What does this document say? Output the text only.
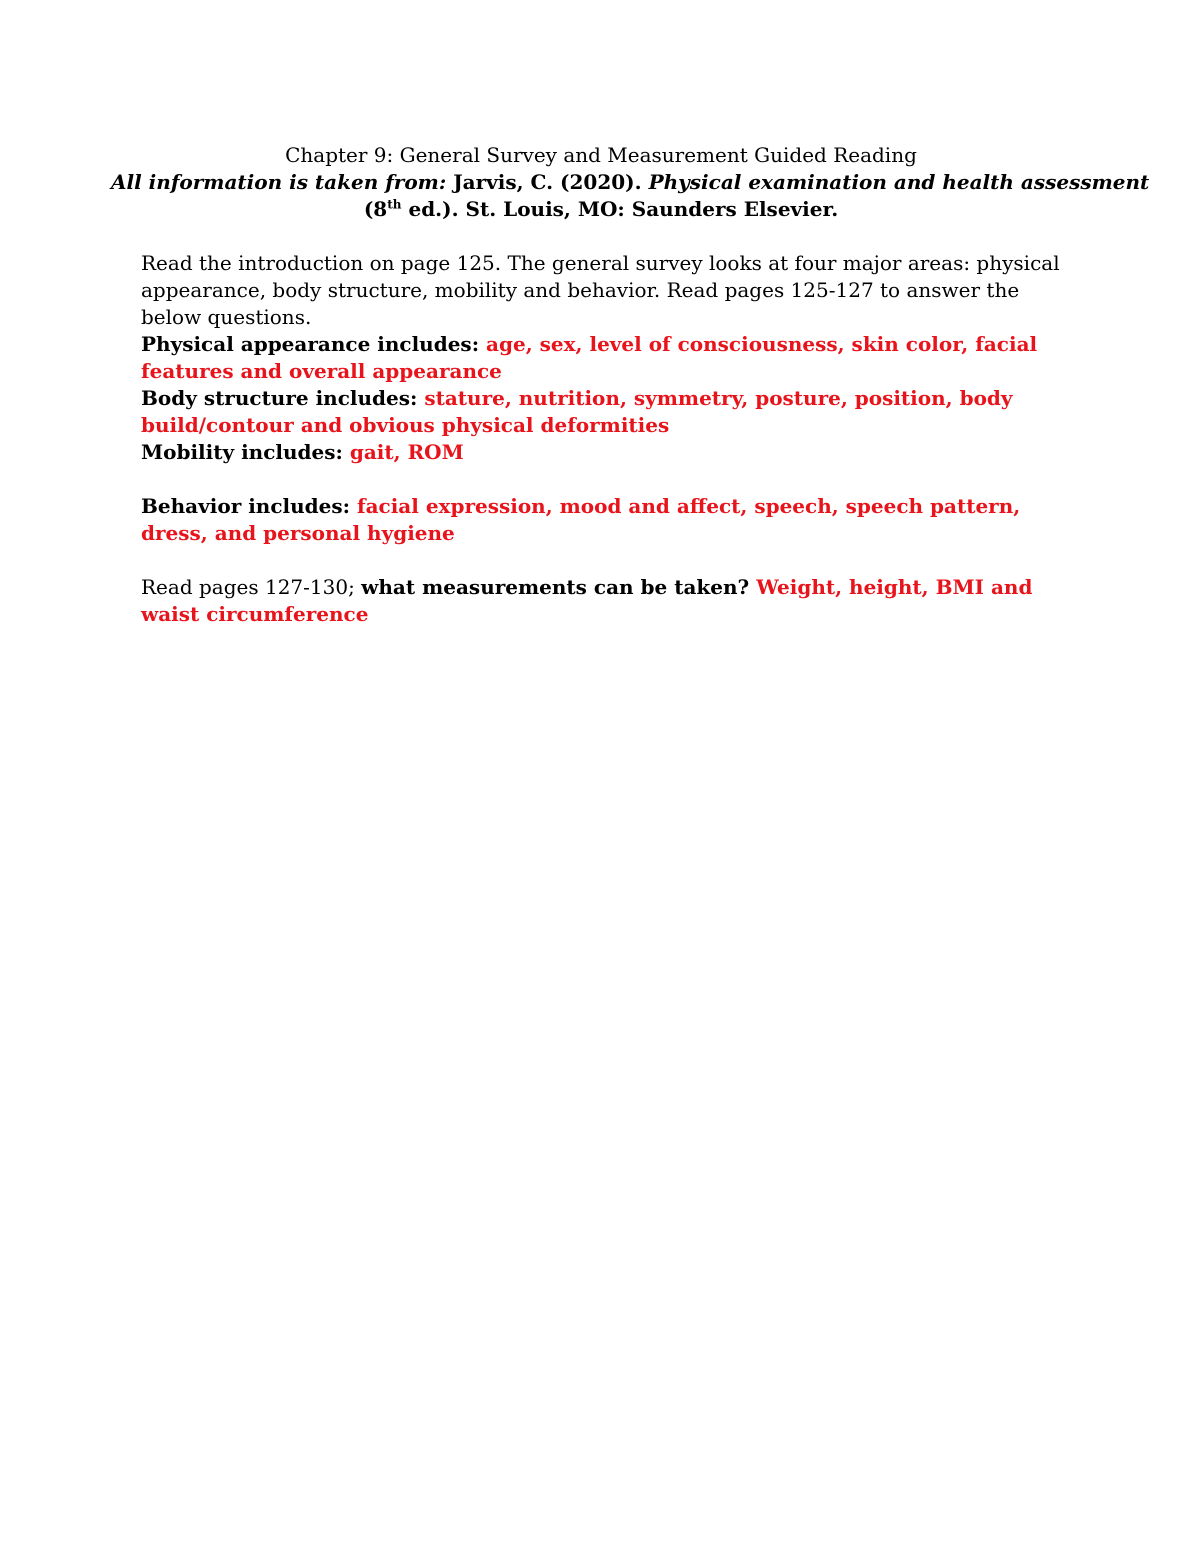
Chapter 9: General Survey and Measurement Guided Reading
All information is taken from: Jarvis, C. (2020). Physical examination and health assessment
(8th ed.). St. Louis, MO: Saunders Elsevier.

Read the introduction on page 125. The general survey looks at four major areas: physical appearance, body structure, mobility and behavior. Read pages 125-127 to answer the below questions.

Physical appearance includes: age, sex, level of consciousness, skin color, facial features and overall appearance

Body structure includes: stature, nutrition, symmetry, posture, position, body build/contour and obvious physical deformities

Mobility includes: gait, ROM

Behavior includes: facial expression, mood and affect, speech, speech pattern, dress, and personal hygiene

Read pages 127-130; what measurements can be taken? Weight, height, BMI and waist circumference
